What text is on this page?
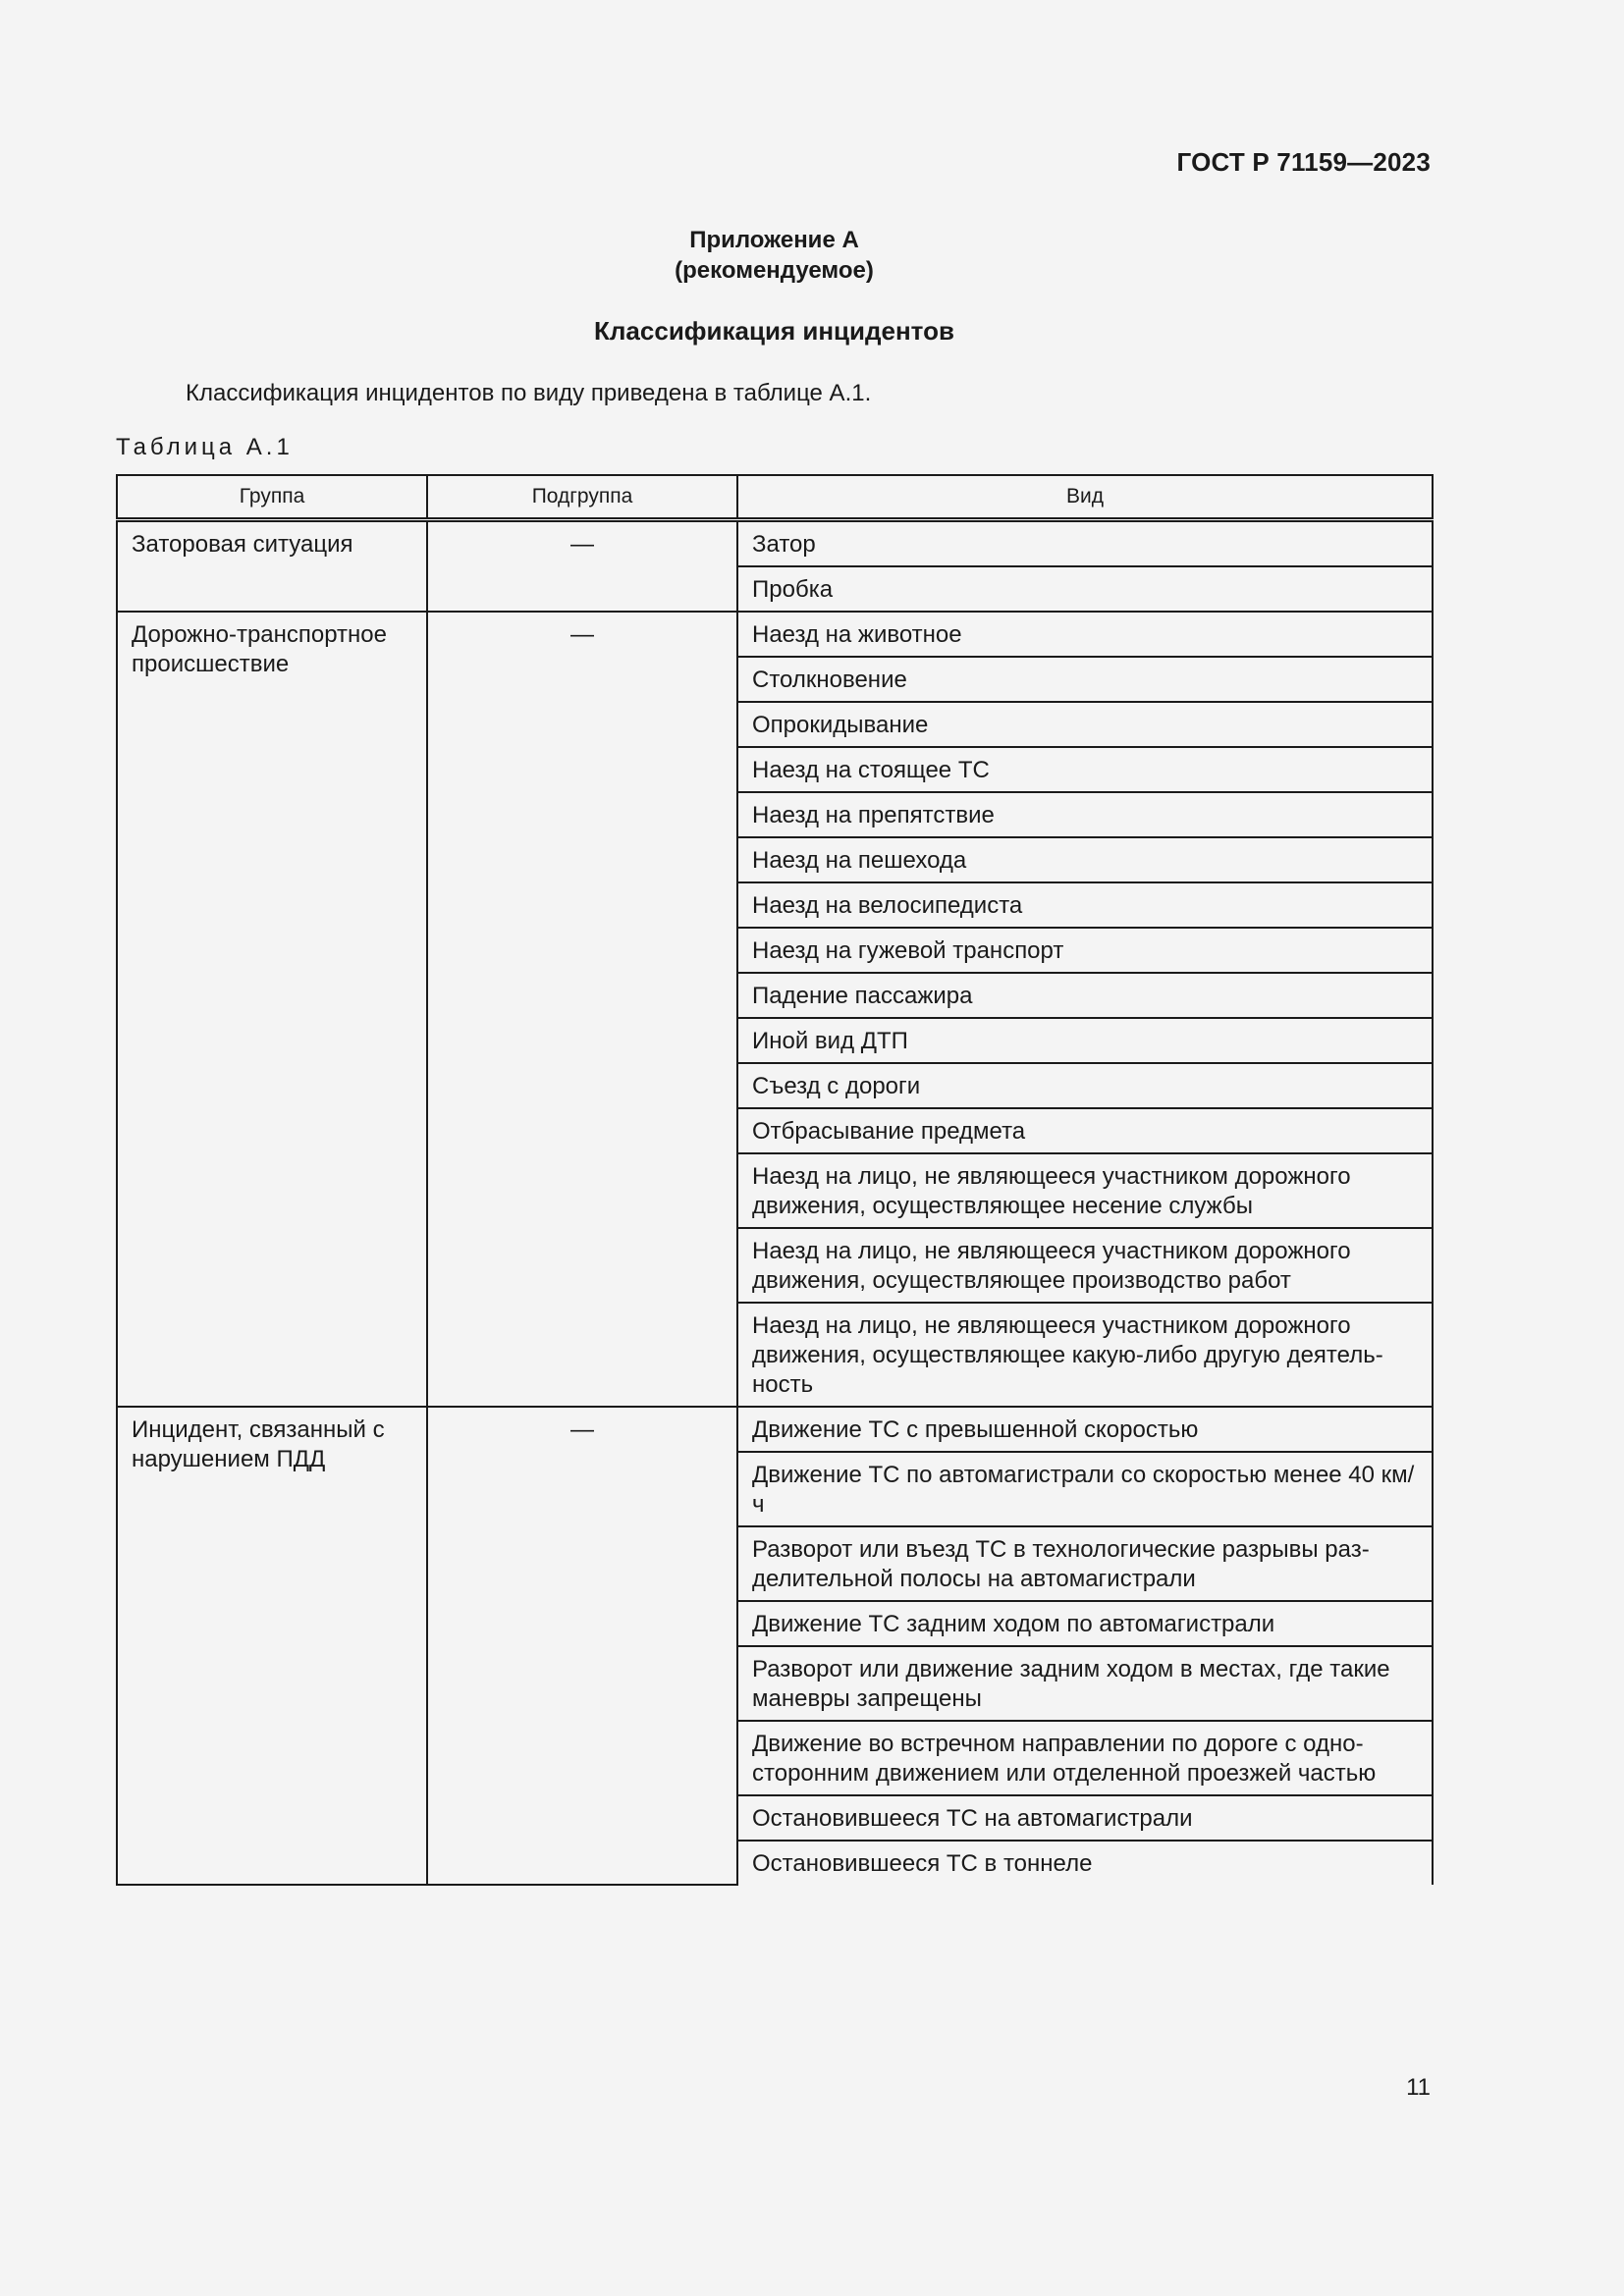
ГОСТ Р 71159—2023
Приложение А
(рекомендуемое)
Классификация инцидентов
Классификация инцидентов по виду приведена в таблице А.1.
Таблица А.1
Группа	Подгруппа	Вид
Заторовая ситуация	—	Затор
		Пробка
Дорожно-транспортное происшествие	—	Наезд на животное
		Столкновение
		Опрокидывание
		Наезд на стоящее ТС
		Наезд на препятствие
		Наезд на пешехода
		Наезд на велосипедиста
		Наезд на гужевой транспорт
		Падение пассажира
		Иной вид ДТП
		Съезд с дороги
		Отбрасывание предмета
		Наезд на лицо, не являющееся участником дорожного движения, осуществляющее несение службы
		Наезд на лицо, не являющееся участником дорожного движения, осуществляющее производство работ
		Наезд на лицо, не являющееся участником дорожного движения, осуществляющее какую-либо другую деятель-ность
Инцидент, связанный с нарушением ПДД	—	Движение ТС с превышенной скоростью
		Движение ТС по автомагистрали со скоростью менее 40 км/ч
		Разворот или въезд ТС в технологические разрывы раз-делительной полосы на автомагистрали
		Движение ТС задним ходом по автомагистрали
		Разворот или движение задним ходом в местах, где такие маневры запрещены
		Движение во встречном направлении по дороге с одно-сторонним движением или отделенной проезжей частью
		Остановившееся ТС на автомагистрали
		Остановившееся ТС в тоннеле
11
